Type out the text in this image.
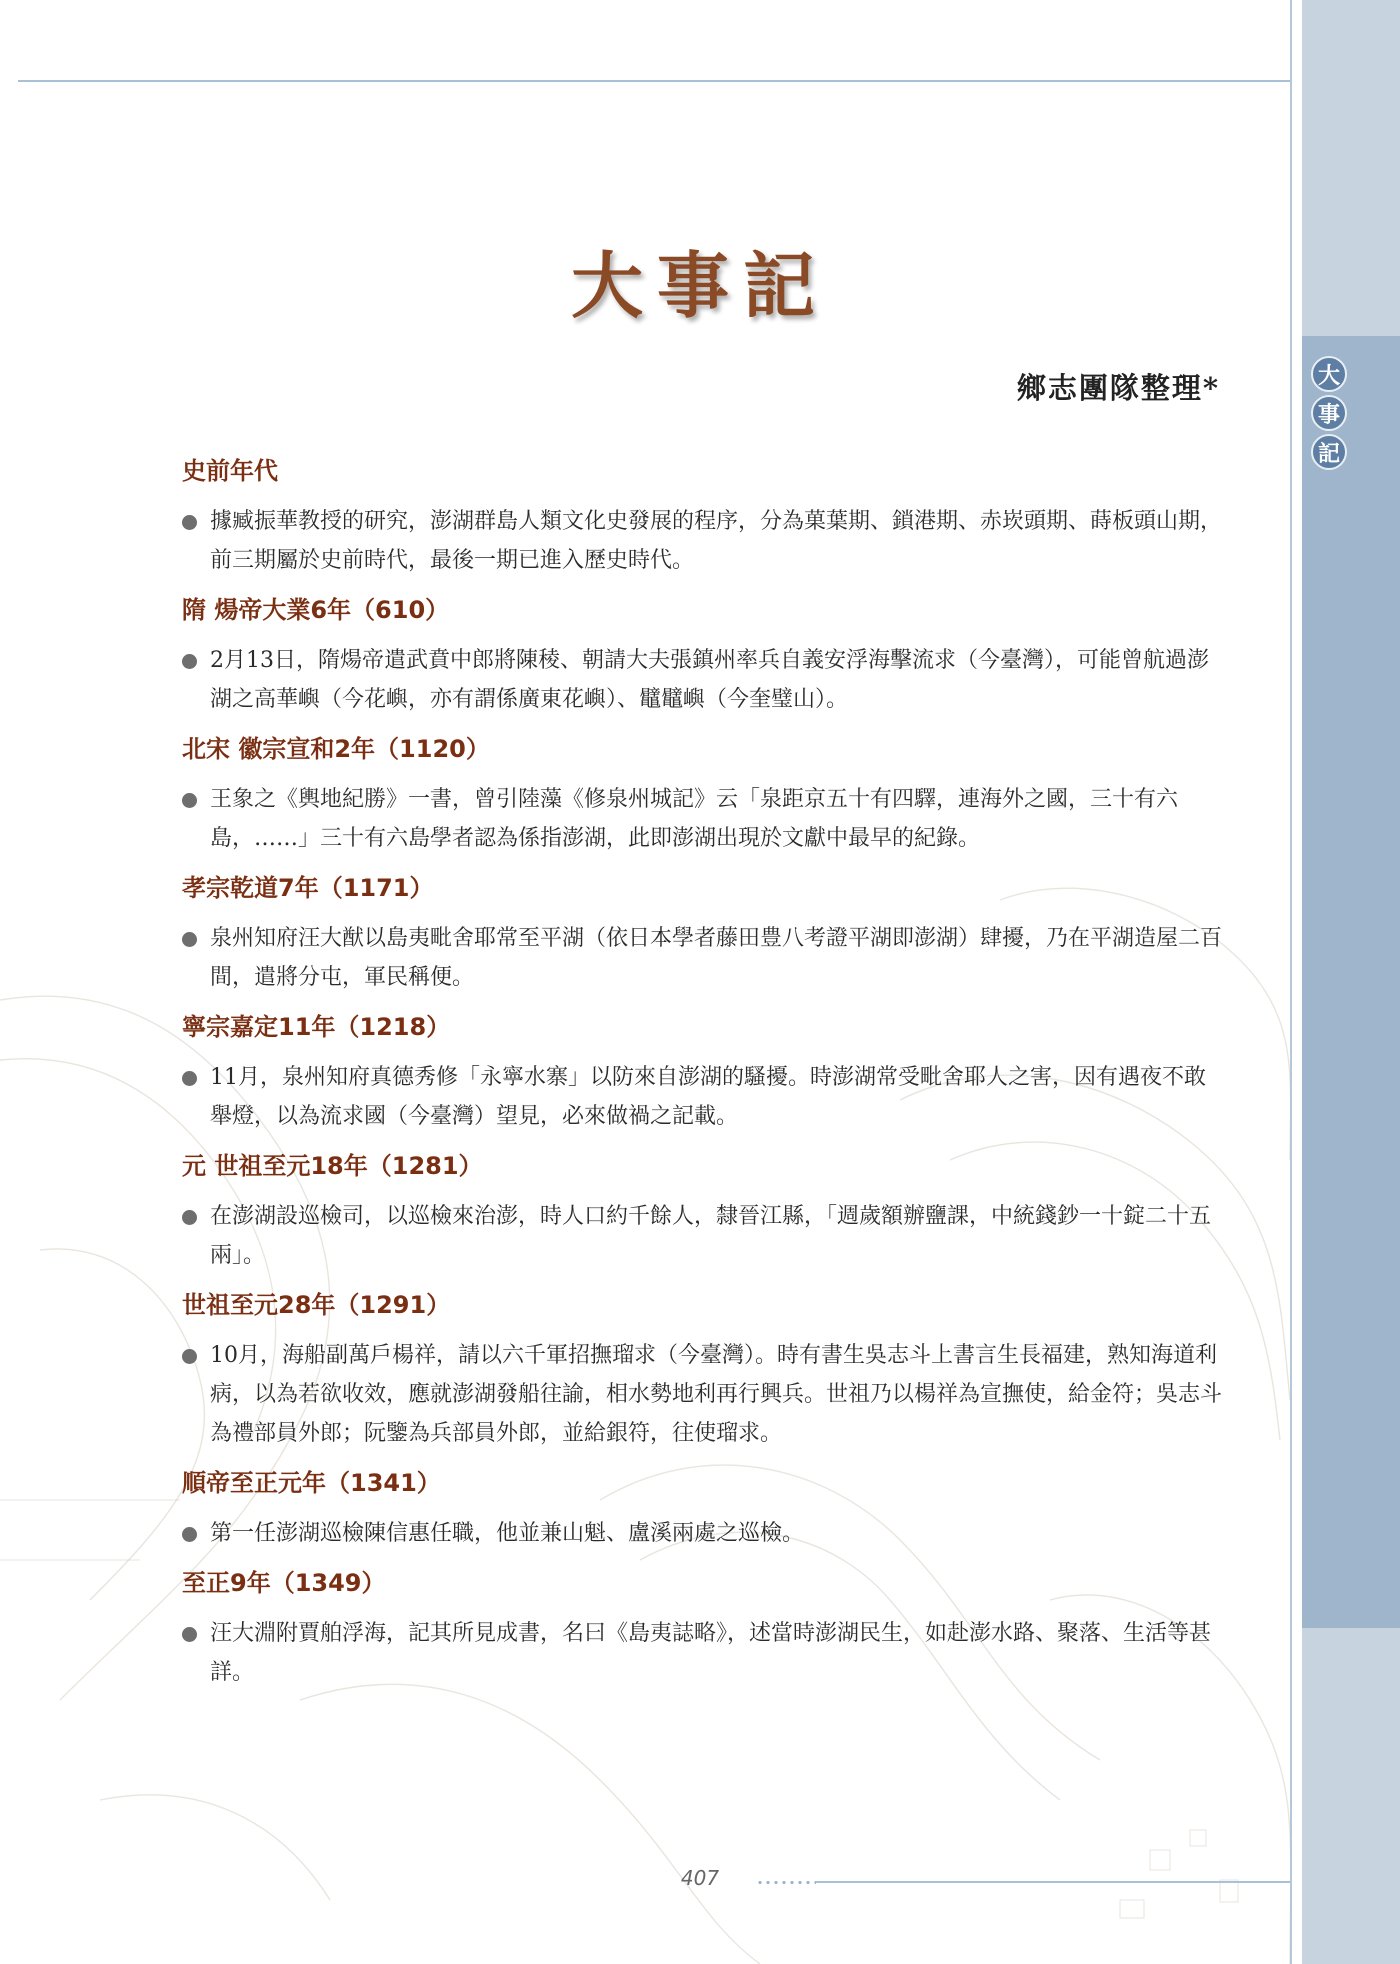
大
事
記
大事記
鄉志團隊整理*
史前年代

據臧振華教授的研究，澎湖群島人類文化史發展的程序，分為菓葉期、鎖港期、赤崁頭期、蒔板頭山期，前三期屬於史前時代，最後一期已進入歷史時代。

隋 煬帝大業6年（610）

2月13日，隋煬帝遣武賁中郎將陳稜、朝請大夫張鎮州率兵自義安浮海擊流求（今臺灣），可能曾航過澎湖之高華嶼（今花嶼，亦有謂係廣東花嶼）、鼊鼊嶼（今奎璧山）。

北宋 徽宗宣和2年（1120）

王象之《輿地紀勝》一書，曾引陸藻《修泉州城記》云「泉距京五十有四驛，連海外之國，三十有六島，……」三十有六島學者認為係指澎湖，此即澎湖出現於文獻中最早的紀錄。

孝宗乾道7年（1171）

泉州知府汪大猷以島夷毗舍耶常至平湖（依日本學者藤田豊八考證平湖即澎湖）肆擾，乃在平湖造屋二百間，遣將分屯，軍民稱便。

寧宗嘉定11年（1218）

11月，泉州知府真德秀修「永寧水寨」以防來自澎湖的騷擾。時澎湖常受毗舍耶人之害，因有遇夜不敢舉燈，以為流求國（今臺灣）望見，必來做禍之記載。

元 世祖至元18年（1281）

在澎湖設巡檢司，以巡檢來治澎，時人口約千餘人，隸晉江縣，「週歲額辦鹽課，中統錢鈔一十錠二十五兩」。

世祖至元28年（1291）

10月，海船副萬戶楊祥，請以六千軍招撫瑠求（今臺灣）。時有書生吳志斗上書言生長福建，熟知海道利病，以為若欲收效，應就澎湖發船往諭，相水勢地利再行興兵。世祖乃以楊祥為宣撫使，給金符；吳志斗為禮部員外郎；阮鑒為兵部員外郎，並給銀符，往使瑠求。

順帝至正元年（1341）

第一任澎湖巡檢陳信惠任職，他並兼山魁、盧溪兩處之巡檢。

至正9年（1349）

汪大淵附賈舶浮海，記其所見成書，名曰《島夷誌略》，述當時澎湖民生，如赴澎水路、聚落、生活等甚詳。

407
